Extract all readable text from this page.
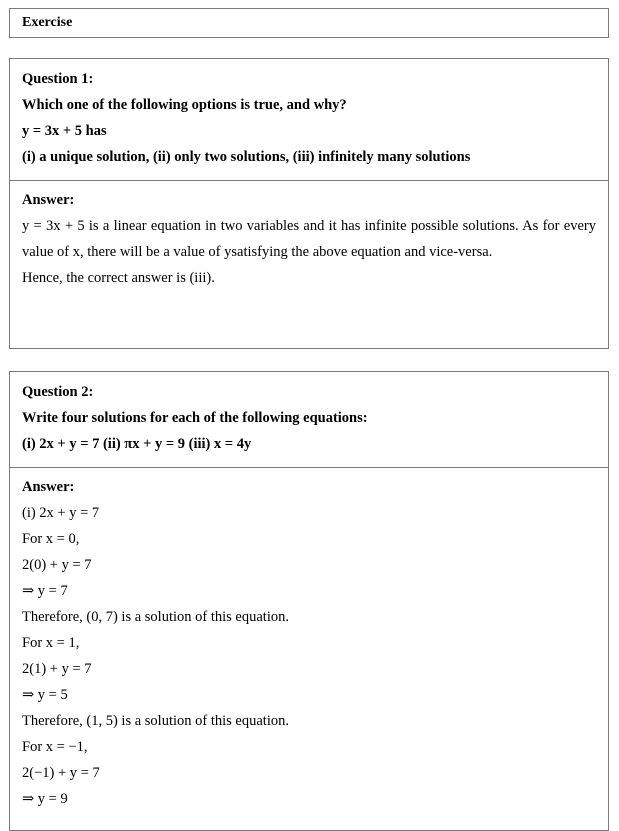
Exercise

Question 1:

Which one of the following options is true, and why?

y = 3x + 5 has

(i) a unique solution, (ii) only two solutions, (iii) infinitely many solutions

Answer:

y = 3x + 5 is a linear equation in two variables and it has infinite possible solutions. As for every value of x, there will be a value of ysatisfying the above equation and vice-versa.

Hence, the correct answer is (iii).

Question 2:

Write four solutions for each of the following equations:

(i) 2x + y = 7 (ii) πx + y = 9 (iii) x = 4y

Answer:

(i) 2x + y = 7

For x = 0,

2(0) + y = 7

⇒ y = 7

Therefore, (0, 7) is a solution of this equation.

For x = 1,

2(1) + y = 7

⇒ y = 5

Therefore, (1, 5) is a solution of this equation.

For x = −1,

2(−1) + y = 7

⇒ y = 9
